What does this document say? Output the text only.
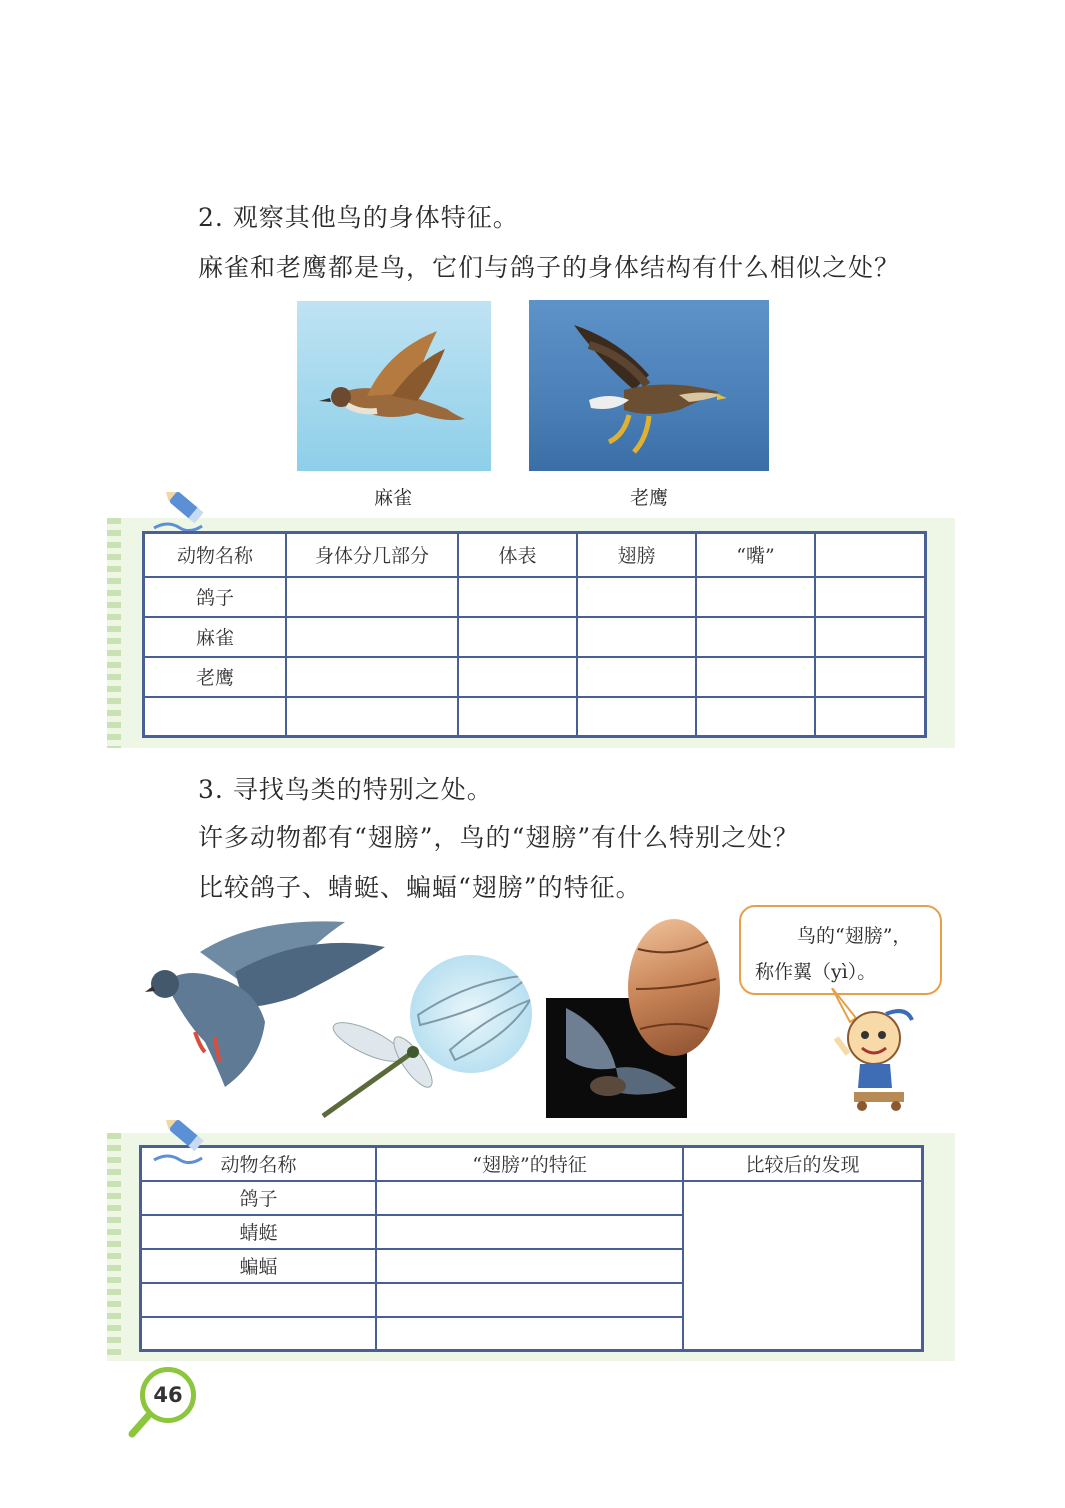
2. 观察其他鸟的身体特征。
麻雀和老鹰都是鸟，它们与鸽子的身体结构有什么相似之处？
麻雀	老鹰
动物名称	身体分几部分	体表	翅膀	“嘴”	
鸽子					
麻雀					
老鹰					

3. 寻找鸟类的特别之处。
许多动物都有“翅膀”，鸟的“翅膀”有什么特别之处？
比较鸽子、蜻蜓、蝙蝠“翅膀”的特征。
鸟的“翅膀”，
称作翼（yì）。
动物名称	“翅膀”的特征	比较后的发现
鸽子		
蜻蜓		
蝙蝠		

46
